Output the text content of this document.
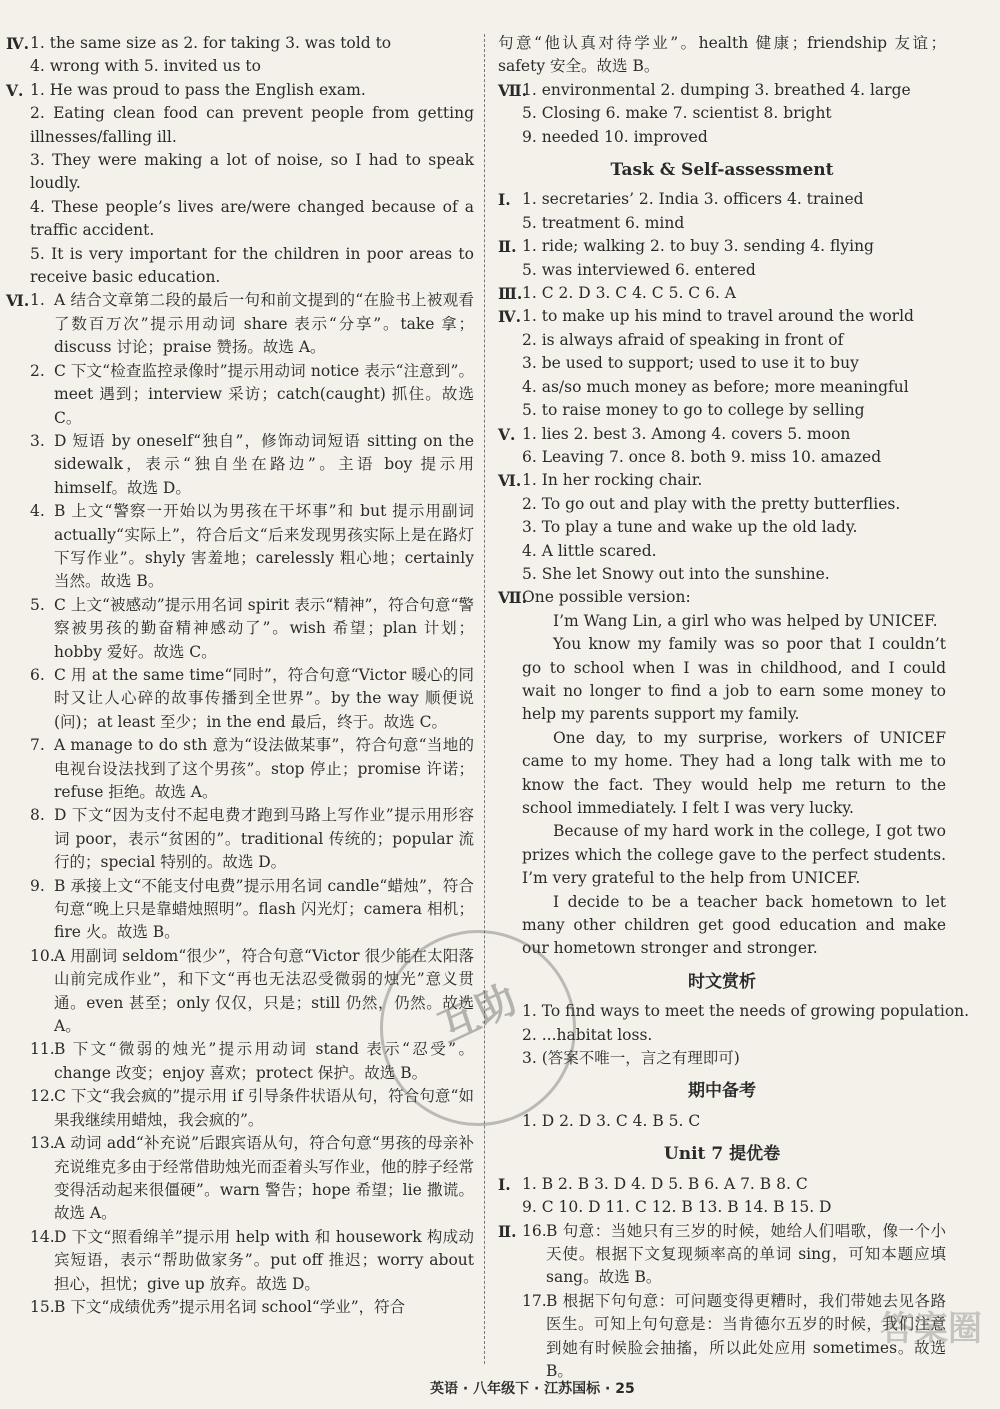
Ⅳ. 1. the same size as 2. for taking 3. was told to
4. wrong with 5. invited us to
Ⅴ. 1. He was proud to pass the English exam.
2. Eating clean food can prevent people from getting illnesses/falling ill.
3. They were making a lot of noise, so I had to speak loudly.
4. These people’s lives are/were changed because of a traffic accident.
5. It is very important for the children in poor areas to receive basic education.
Ⅵ. 1. A 结合文章第二段的最后一句和前文提到的“在脸书上被观看了数百万次”提示用动词 share 表示“分享”。take 拿；discuss 讨论；praise 赞扬。故选 A。
2. C 下文“检查监控录像时”提示用动词 notice 表示“注意到”。meet 遇到；interview 采访；catch(caught) 抓住。故选 C。
3. D 短语 by oneself“独自”，修饰动词短语 sitting on the sidewalk，表示“独自坐在路边”。主语 boy 提示用 himself。故选 D。
4. B 上文“警察一开始以为男孩在干坏事”和 but 提示用副词 actually“实际上”，符合后文“后来发现男孩实际上是在路灯下写作业”。shyly 害羞地；carelessly 粗心地；certainly 当然。故选 B。
5. C 上文“被感动”提示用名词 spirit 表示“精神”，符合句意“警察被男孩的勤奋精神感动了”。wish 希望；plan 计划；hobby 爱好。故选 C。
6. C 用 at the same time“同时”，符合句意“Victor 暖心的同时又让人心碎的故事传播到全世界”。by the way 顺便说(问)；at least 至少；in the end 最后，终于。故选 C。
7. A manage to do sth 意为“设法做某事”，符合句意“当地的电视台设法找到了这个男孩”。stop 停止；promise 许诺；refuse 拒绝。故选 A。
8. D 下文“因为支付不起电费才跑到马路上写作业”提示用形容词 poor，表示“贫困的”。traditional 传统的；popular 流行的；special 特别的。故选 D。
9. B 承接上文“不能支付电费”提示用名词 candle“蜡烛”，符合句意“晚上只是靠蜡烛照明”。flash 闪光灯；camera 相机；fire 火。故选 B。
10. A 用副词 seldom“很少”，符合句意“Victor 很少能在太阳落山前完成作业”，和下文“再也无法忍受微弱的烛光”意义贯通。even 甚至；only 仅仅，只是；still 仍然，仍然。故选 A。
11. B 下文“微弱的烛光”提示用动词 stand 表示“忍受”。change 改变；enjoy 喜欢；protect 保护。故选 B。
12. C 下文“我会疯的”提示用 if 引导条件状语从句，符合句意“如果我继续用蜡烛，我会疯的”。
13. A 动词 add“补充说”后跟宾语从句，符合句意“男孩的母亲补充说维克多由于经常借助烛光而歪着头写作业，他的脖子经常变得活动起来很僵硬”。warn 警告；hope 希望；lie 撒谎。故选 A。
14. D 下文“照看绵羊”提示用 help with 和 housework 构成动宾短语，表示“帮助做家务”。put off 推迟；worry about 担心，担忧；give up 放弃。故选 D。
15. B 下文“成绩优秀”提示用名词 school“学业”，符合
句意“他认真对待学业”。health 健康；friendship 友谊；safety 安全。故选 B。
Ⅶ.
1. environmental 2. dumping 3. breathed 4. large
5. Closing 6. make 7. scientist 8. bright
9. needed 10. improved
Task & Self-assessment
Ⅰ. 1. secretaries’ 2. India 3. officers 4. trained
5. treatment 6. mind
Ⅱ. 1. ride; walking 2. to buy 3. sending 4. flying
5. was interviewed 6. entered
Ⅲ. 1. C 2. D 3. C 4. C 5. C 6. A
Ⅳ. 1. to make up his mind to travel around the world
2. is always afraid of speaking in front of
3. be used to support; used to use it to buy
4. as/so much money as before; more meaningful
5. to raise money to go to college by selling
Ⅴ. 1. lies 2. best 3. Among 4. covers 5. moon
6. Leaving 7. once 8. both 9. miss 10. amazed
Ⅵ. 1. In her rocking chair.
2. To go out and play with the pretty butterflies.
3. To play a tune and wake up the old lady.
4. A little scared.
5. She let Snowy out into the sunshine.
Ⅶ.
One possible version:
I’m Wang Lin, a girl who was helped by UNICEF.
You know my family was so poor that I couldn’t go to school when I was in childhood, and I could wait no longer to find a job to earn some money to help my parents support my family.
One day, to my surprise, workers of UNICEF came to my home. They had a long talk with me to know the fact. They would help me return to the school immediately. I felt I was very lucky.
Because of my hard work in the college, I got two prizes which the college gave to the perfect students. I’m very grateful to the help from UNICEF.
I decide to be a teacher back hometown to let many other children get good education and make our hometown stronger and stronger.
时文赏析
1. To find ways to meet the needs of growing population.
2. ...habitat loss.
3. (答案不唯一，言之有理即可)
期中备考
1. D 2. D 3. C 4. B 5. C
Unit 7 提优卷
Ⅰ. 1. B 2. B 3. D 4. D 5. B 6. A 7. B 8. C
9. C 10. D 11. C 12. B 13. B 14. B 15. D
Ⅱ. 16. B 句意：当她只有三岁的时候，她给人们唱歌，像一个小天使。根据下文复现频率高的单词 sing，可知本题应填 sang。故选 B。
17. B 根据下句句意：可问题变得更糟时，我们带她去见各路医生。可知上句句意是：当肯德尔五岁的时候，我们注意到她有时候脸会抽搐，所以此处应用 sometimes。故选 B。
互助
答案圈
英语 · 八年级下 · 江苏国标 · 25
